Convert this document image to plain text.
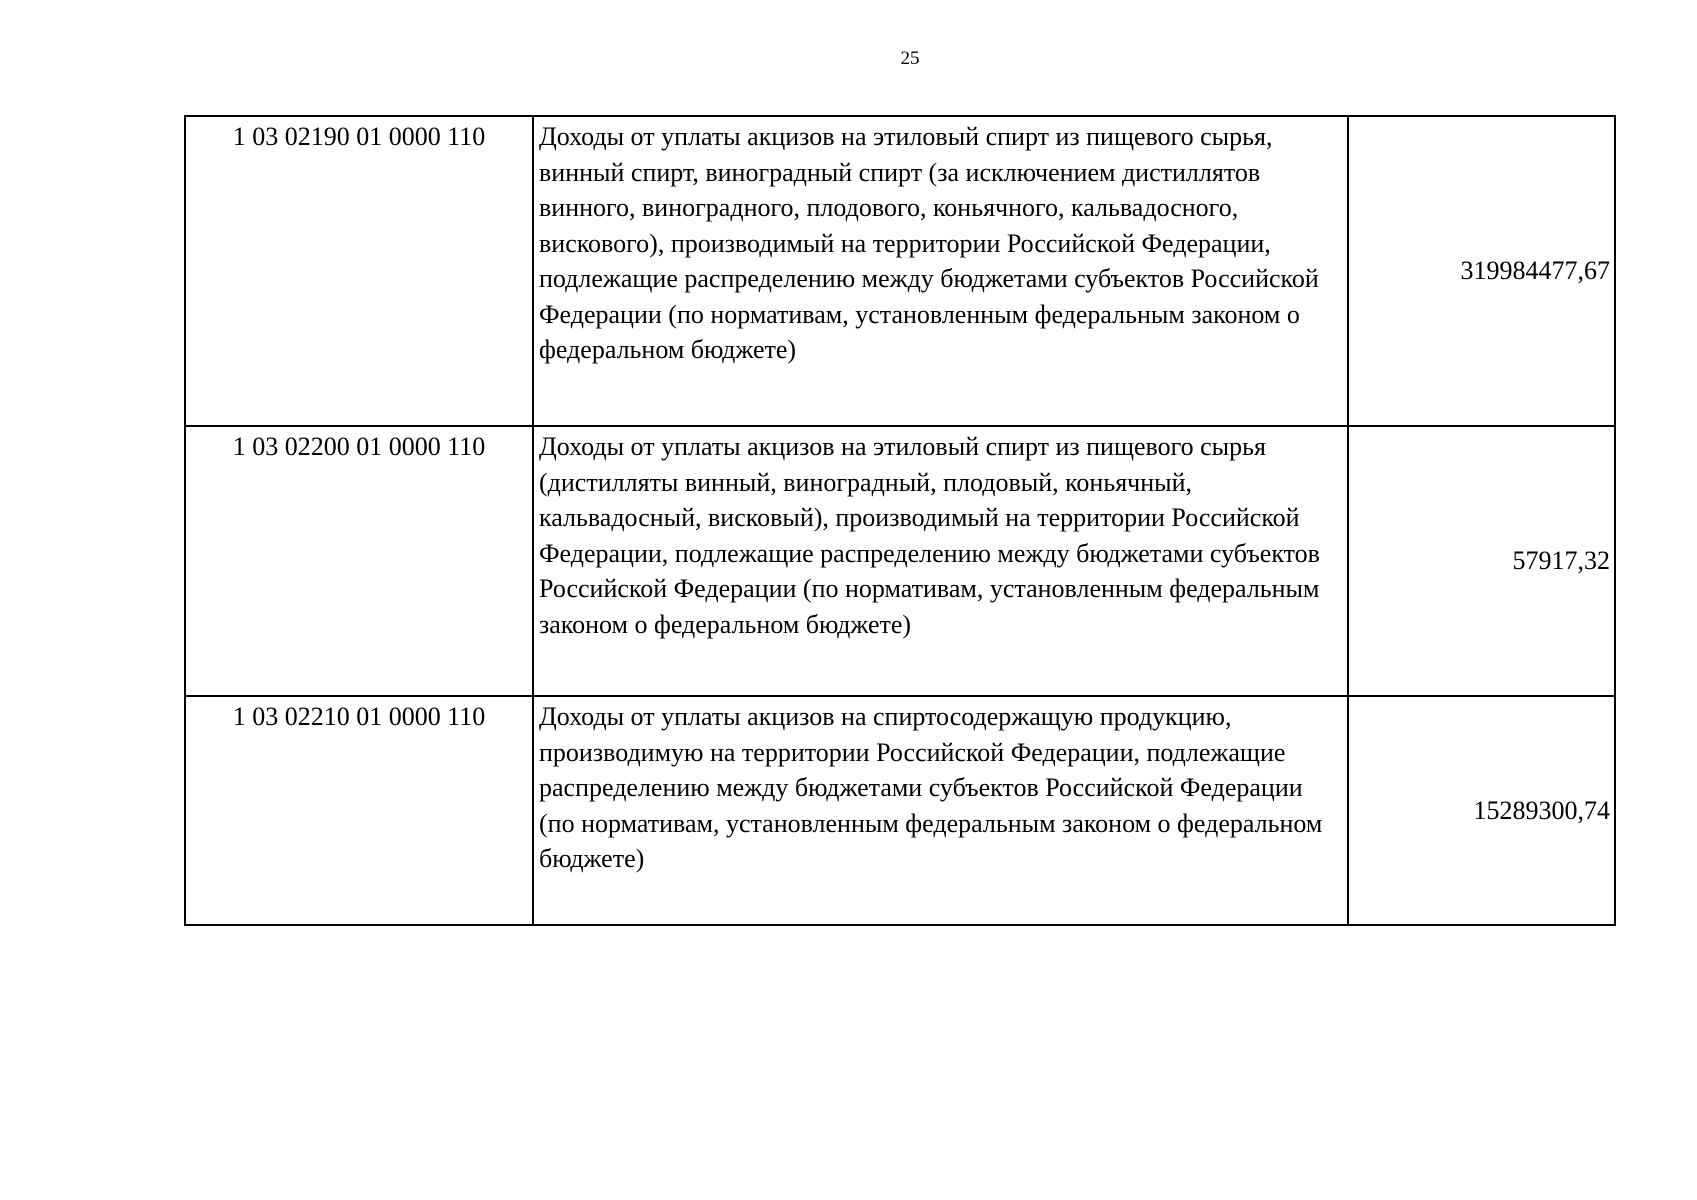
25
1 03 02190 01 0000 110	Доходы от уплаты акцизов на этиловый спирт из пищевого сырья, винный спирт, виноградный спирт (за исключением дистиллятов винного, виноградного, плодового, коньячного, кальвадосного, вискового), производимый на территории Российской Федерации, подлежащие распределению между бюджетами субъектов Российской Федерации (по нормативам, установленным федеральным законом о федеральном бюджете)	319984477,67
1 03 02200 01 0000 110	Доходы от уплаты акцизов на этиловый спирт из пищевого сырья (дистилляты винный, виноградный, плодовый, коньячный, кальвадосный, висковый), производимый на территории Российской Федерации, подлежащие распределению между бюджетами субъектов Российской Федерации (по нормативам, установленным федеральным законом о федеральном бюджете)	57917,32
1 03 02210 01 0000 110	Доходы от уплаты акцизов на спиртосодержащую продукцию, производимую на территории Российской Федерации, подлежащие распределению между бюджетами субъектов Российской Федерации (по нормативам, установленным федеральным законом о федеральном бюджете)	15289300,74
